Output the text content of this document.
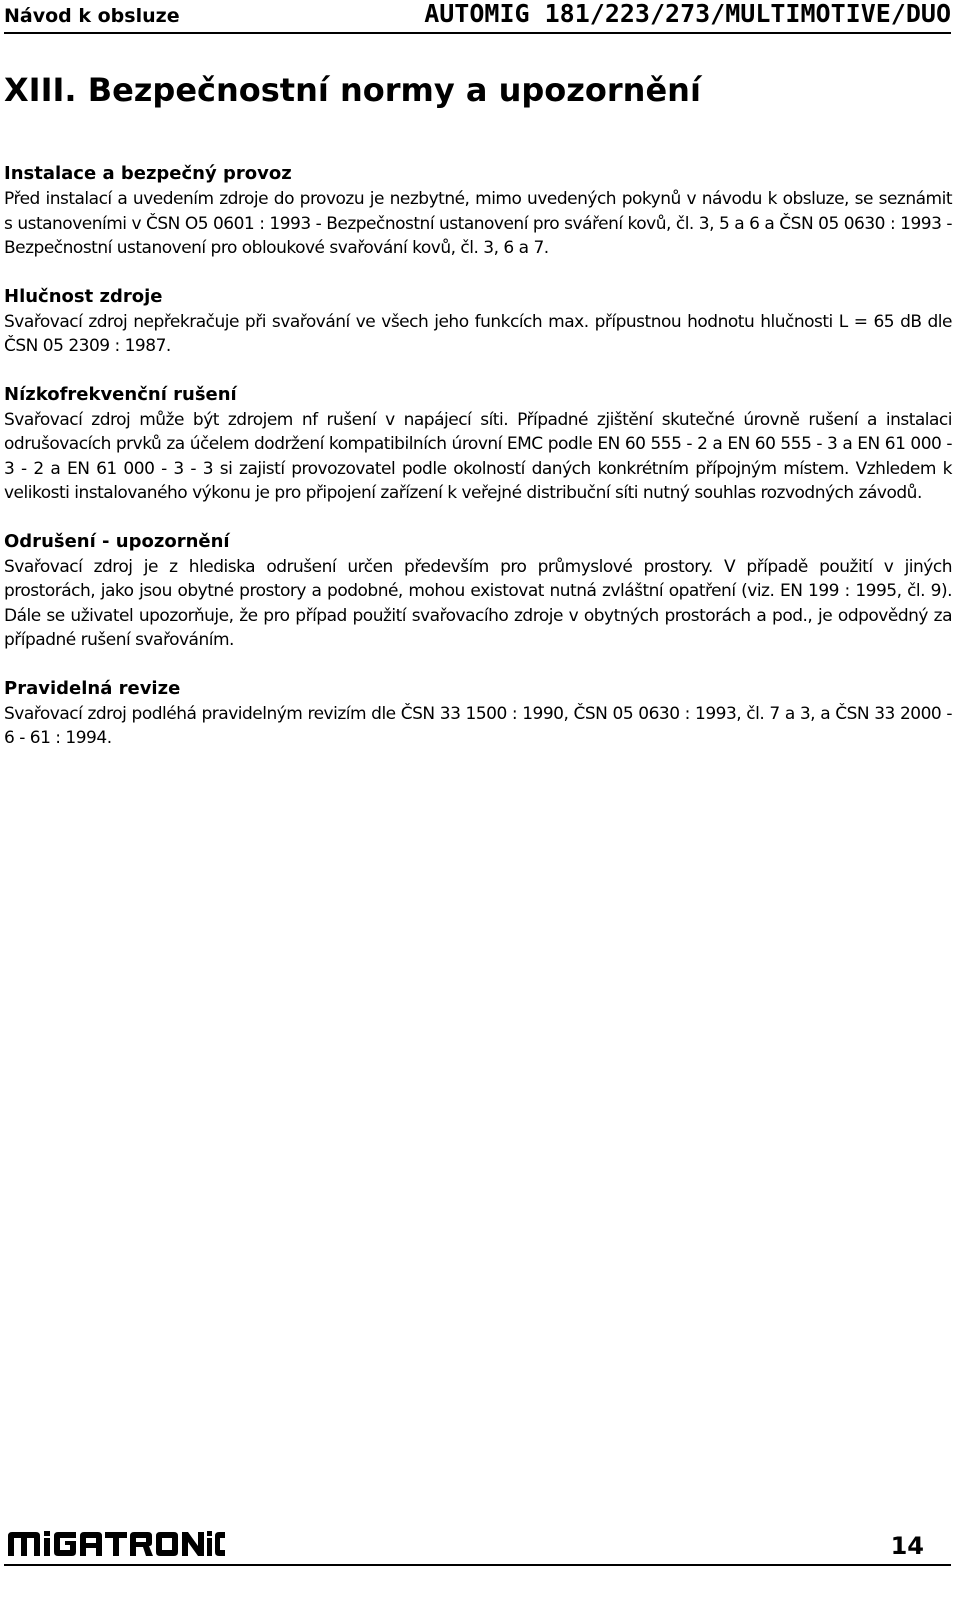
Návod k obsluze	AUTOMIG 181/223/273/MULTIMOTIVE/DUO
XIII. Bezpečnostní normy a upozornění
Instalace a bezpečný provoz

Před instalací a uvedením zdroje do provozu je nezbytné, mimo uvedených pokynů v návodu k obsluze, se seznámit s ustanoveními v ČSN O5 0601 : 1993 - Bezpečnostní ustanovení pro sváření kovů, čl. 3, 5 a 6 a ČSN 05 0630 : 1993 - Bezpečnostní ustanovení pro obloukové svařování kovů, čl. 3, 6 a 7.

Hlučnost zdroje

Svařovací zdroj nepřekračuje při svařování ve všech jeho funkcích max. přípustnou hodnotu hlučnosti L = 65 dB dle ČSN 05 2309 : 1987.

Nízkofrekvenční rušení

Svařovací zdroj může být zdrojem nf rušení v napájecí síti. Případné zjištění skutečné úrovně rušení a instalaci odrušovacích prvků za účelem dodržení kompatibilních úrovní EMC podle EN 60 555 - 2 a EN 60 555 - 3 a EN 61 000 - 3 - 2 a EN 61 000 - 3 - 3 si zajistí provozovatel podle okolností daných konkrétním přípojným místem. Vzhledem k velikosti instalovaného výkonu je pro připojení zařízení k veřejné distribuční síti nutný souhlas rozvodných závodů.

Odrušení - upozornění

Svařovací zdroj je z hlediska odrušení určen především pro průmyslové prostory. V případě použití v jiných prostorách, jako jsou obytné prostory a podobné, mohou existovat nutná zvláštní opatření (viz. EN 199 : 1995, čl. 9). Dále se uživatel upozorňuje, že pro případ použití svařovacího zdroje v obytných prostorách a pod., je odpovědný za případné rušení svařováním.

Pravidelná revize

Svařovací zdroj podléhá pravidelným revizím dle ČSN 33 1500 : 1990, ČSN 05 0630 : 1993, čl. 7 a 3, a ČSN 33 2000 - 6 - 61 : 1994.

14
